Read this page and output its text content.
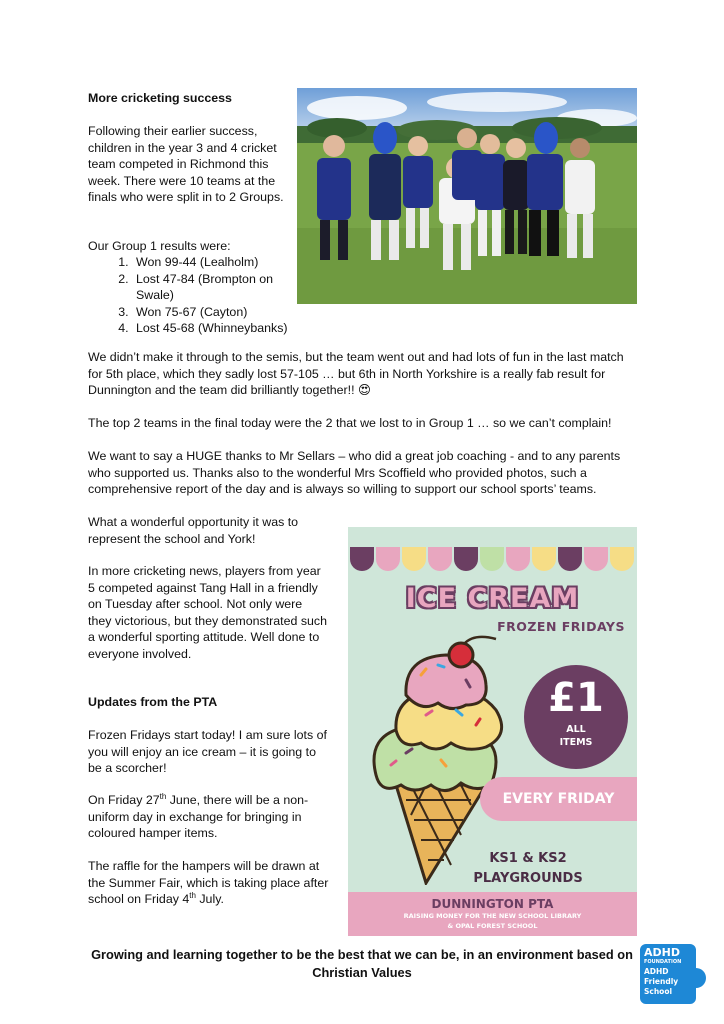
More cricketing success
Following their earlier success, children in the year 3 and 4 cricket team competed in Richmond this week. There were 10 teams at the finals who were split in to 2 Groups.
Our Group 1 results were:
1. Won 99-44 (Lealholm)
2. Lost 47-84 (Brompton on Swale)
3. Won 75-67 (Cayton)
4. Lost 45-68 (Whinneybanks)
We didn’t make it through to the semis, but the team went out and had lots of fun in the last match for 5th place, which they sadly lost 57-105 … but 6th in North Yorkshire is a really fab result for Dunnington and the team did brilliantly together!! 😍
The top 2 teams in the final today were the 2 that we lost to in Group 1 … so we can’t complain!
We want to say a HUGE thanks to Mr Sellars – who did a great job coaching - and to any parents who supported us. Thanks also to the wonderful Mrs Scoffield who provided photos, such a comprehensive report of the day and is always so willing to support our school sports’ teams.
What a wonderful opportunity it was to represent the school and York!
In more cricketing news, players from year 5 competed against Tang Hall in a friendly on Tuesday after school. Not only were they victorious, but they demonstrated such a wonderful sporting attitude. Well done to everyone involved.
Updates from the PTA
Frozen Fridays start today! I am sure lots of you will enjoy an ice cream – it is going to be a scorcher!
On Friday 27th June, there will be a non-uniform day in exchange for bringing in coloured hamper items.
The raffle for the hampers will be drawn at the Summer Fair, which is taking place after school on Friday 4th July.
ICE CREAM
FROZEN FRIDAYS
£1
ALL
ITEMS
EVERY FRIDAY
KS1 & KS2
PLAYGROUNDS
DUNNINGTON PTA
RAISING MONEY FOR THE NEW SCHOOL LIBRARY
& OPAL FOREST SCHOOL
Growing and learning together to be the best that we can be, in an environment based on Christian Values
ADHD
FOUNDATION
ADHD
Friendly
School
